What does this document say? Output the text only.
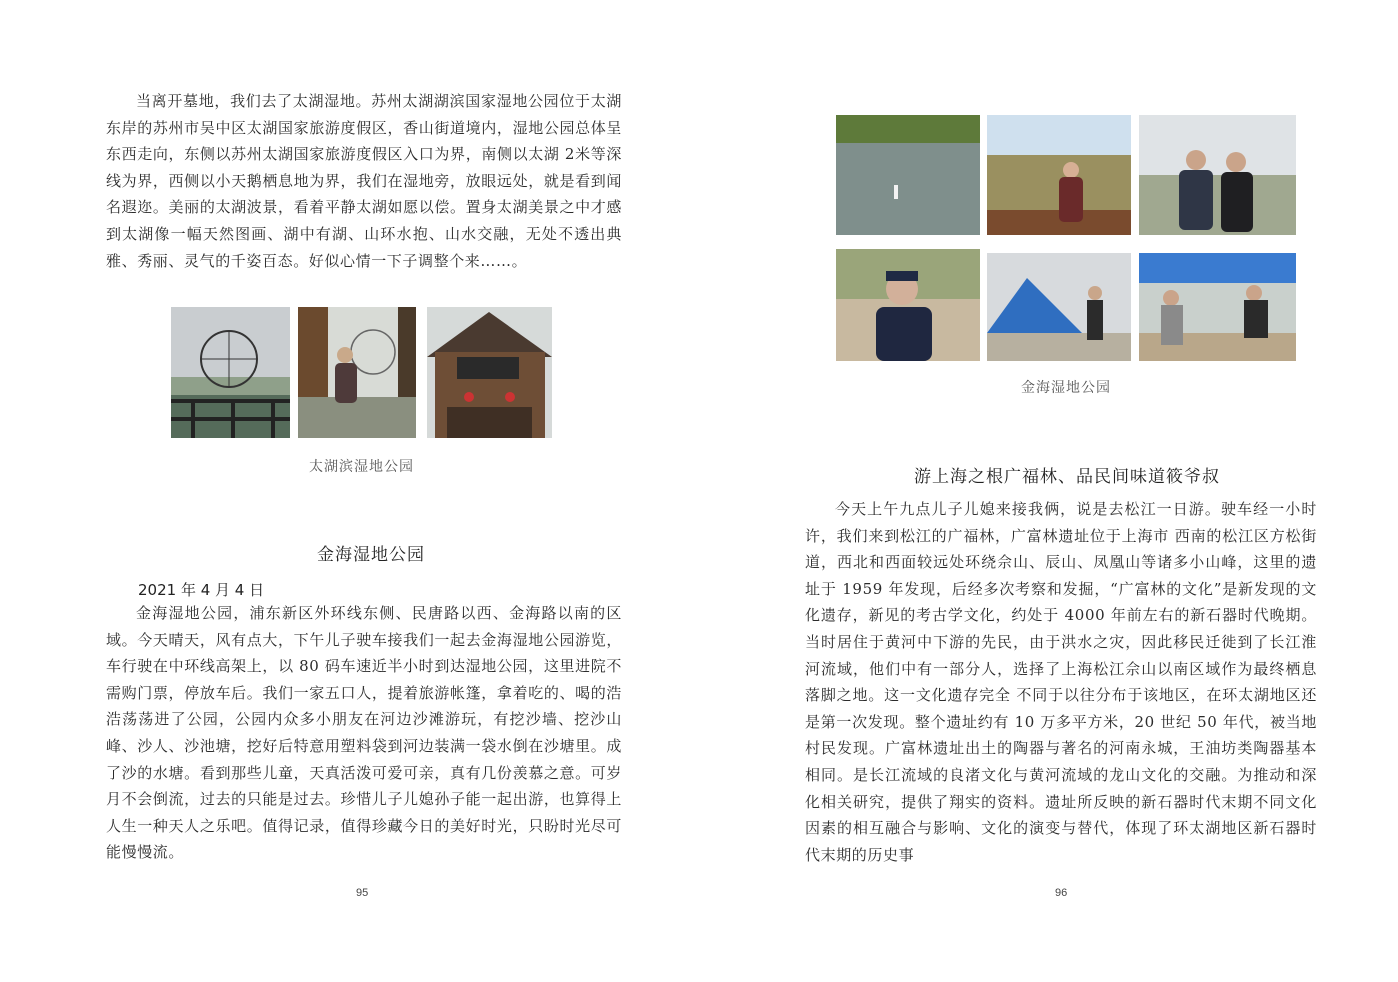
当离开墓地，我们去了太湖湿地。苏州太湖湖滨国家湿地公园位于太湖东岸的苏州市吴中区太湖国家旅游度假区，香山街道境内，湿地公园总体呈东西走向，东侧以苏州太湖国家旅游度假区入口为界，南侧以太湖 2米等深线为界，西侧以小天鹅栖息地为界，我们在湿地旁，放眼远处，就是看到闻名遐迩。美丽的太湖波景，看着平静太湖如愿以偿。置身太湖美景之中才感到太湖像一幅天然图画、湖中有湖、山环水抱、山水交融，无处不透出典雅、秀丽、灵气的千姿百态。好似心情一下子调整个来……。

太湖滨湿地公园
金海湿地公园
2021 年 4 月 4 日

金海湿地公园，浦东新区外环线东侧、民唐路以西、金海路以南的区域。今天晴天，风有点大，下午儿子驶车接我们一起去金海湿地公园游览，车行驶在中环线高架上，以 80 码车速近半小时到达湿地公园，这里进院不需购门票，停放车后。我们一家五口人，提着旅游帐篷，拿着吃的、喝的浩浩荡荡进了公园，公园内众多小朋友在河边沙滩游玩，有挖沙墙、挖沙山峰、沙人、沙池塘，挖好后特意用塑料袋到河边装满一袋水倒在沙塘里。成了沙的水塘。看到那些儿童，天真活泼可爱可亲，真有几份羡慕之意。可岁月不会倒流，过去的只能是过去。珍惜儿子儿媳孙子能一起出游，也算得上人生一种天人之乐吧。值得记录，值得珍藏今日的美好时光，只盼时光尽可能慢慢流。

95
金海湿地公园
游上海之根广福林、品民间味道筱爷叔

今天上午九点儿子儿媳来接我俩，说是去松江一日游。驶车经一小时许，我们来到松江的广福林，广富林遗址位于上海市 西南的松江区方松街道，西北和西面较远处环绕佘山、辰山、凤凰山等诸多小山峰，这里的遗址于 1959 年发现，后经多次考察和发掘，“广富林的文化”是新发现的文化遗存，新见的考古学文化，约处于 4000 年前左右的新石器时代晚期。当时居住于黄河中下游的先民，由于洪水之灾，因此移民迁徙到了长江淮河流域，他们中有一部分人，选择了上海松江佘山以南区域作为最终栖息落脚之地。这一文化遗存完全 不同于以往分布于该地区，在环太湖地区还是第一次发现。整个遗址约有 10 万多平方米，20 世纪 50 年代，被当地村民发现。广富林遗址出土的陶器与著名的河南永城，王油坊类陶器基本相同。是长江流域的良渚文化与黄河流域的龙山文化的交融。为推动和深化相关研究，提供了翔实的资料。遗址所反映的新石器时代末期不同文化因素的相互融合与影响、文化的演变与替代，体现了环太湖地区新石器时代末期的历史事

96
